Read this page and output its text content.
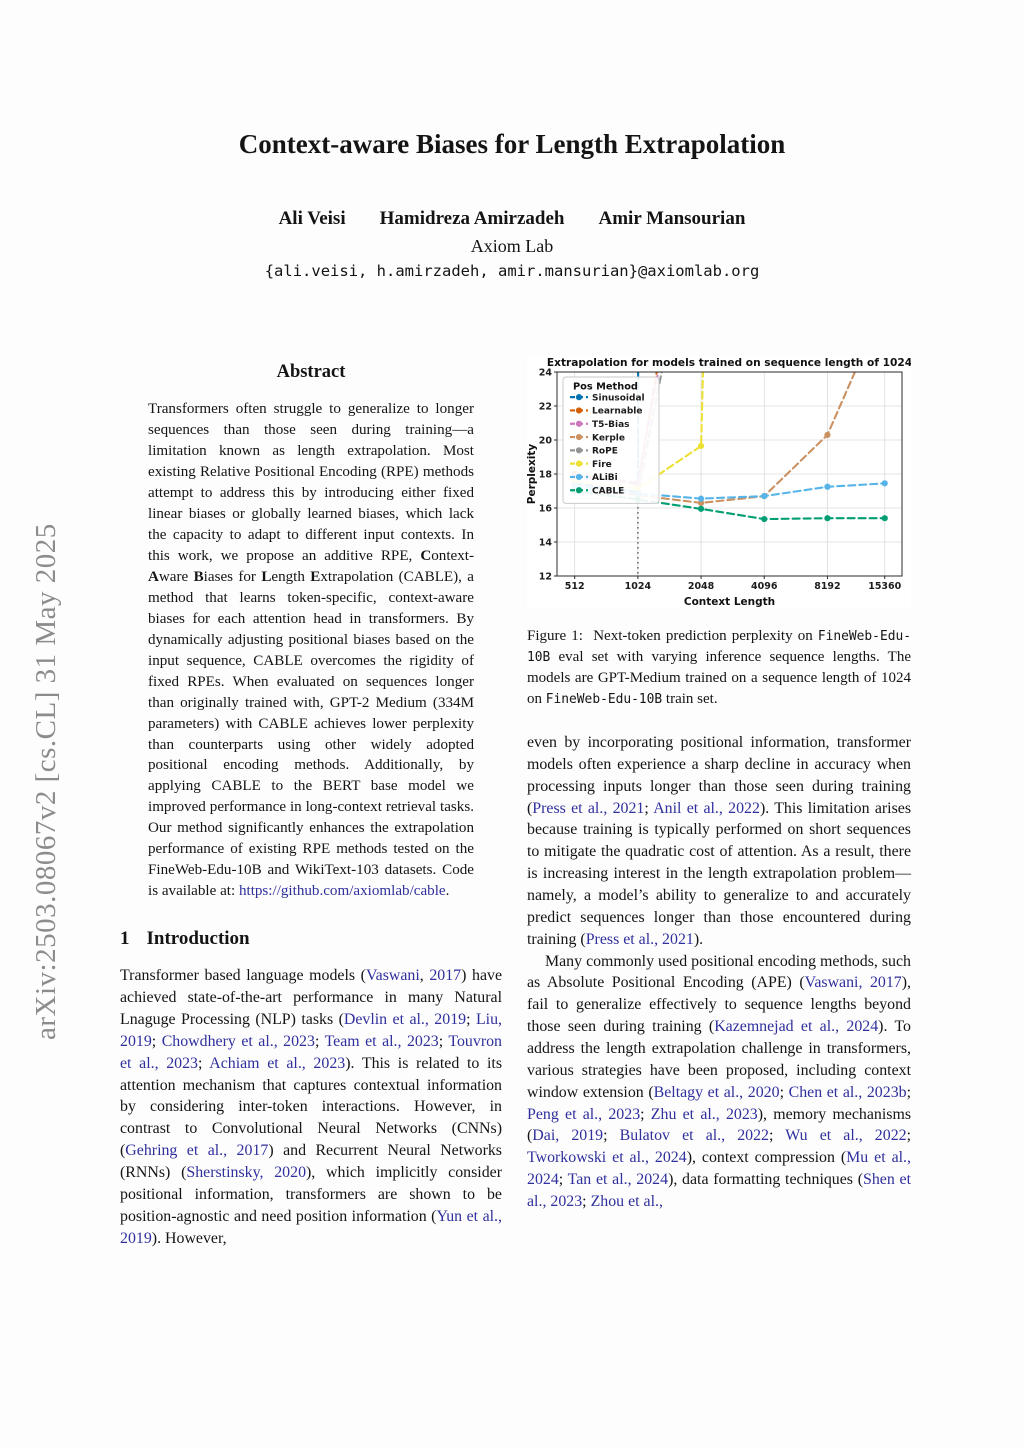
arXiv:2503.08067v2 [cs.CL] 31 May 2025
Context-aware Biases for Length Extrapolation
Ali Veisi Hamidreza Amirzadeh Amir Mansourian
Axiom Lab
{ali.veisi, h.amirzadeh, amir.mansurian}@axiomlab.org
Abstract
Transformers often struggle to generalize to longer sequences than those seen during training—a limitation known as length extrapolation. Most existing Relative Positional Encoding (RPE) methods attempt to address this by introducing either fixed linear biases or globally learned biases, which lack the capacity to adapt to different input contexts. In this work, we propose an additive RPE, Context-Aware Biases for Length Extrapolation (CABLE), a method that learns token-specific, context-aware biases for each attention head in transformers. By dynamically adjusting positional biases based on the input sequence, CABLE overcomes the rigidity of fixed RPEs. When evaluated on sequences longer than originally trained with, GPT-2 Medium (334M parameters) with CABLE achieves lower perplexity than counterparts using other widely adopted positional encoding methods. Additionally, by applying CABLE to the BERT base model we improved performance in long-context retrieval tasks. Our method significantly enhances the extrapolation performance of existing RPE methods tested on the FineWeb-Edu-10B and WikiText-103 datasets. Code is available at: https://github.com/axiomlab/cable.
1 Introduction
Transformer based language models (Vaswani, 2017) have achieved state-of-the-art performance in many Natural Lnaguge Processing (NLP) tasks (Devlin et al., 2019; Liu, 2019; Chowdhery et al., 2023; Team et al., 2023; Touvron et al., 2023; Achiam et al., 2023). This is related to its attention mechanism that captures contextual information by considering inter-token interactions. However, in contrast to Convolutional Neural Networks (CNNs) (Gehring et al., 2017) and Recurrent Neural Networks (RNNs) (Sherstinsky, 2020), which implicitly consider positional information, transformers are shown to be position-agnostic and need position information (Yun et al., 2019). However,
12
14
16
18
20
22
24
512	1024	2048	4096	8192	15360
Extrapolation for models trained on sequence length of 1024
Context Length
Perplexity
Pos Method
Sinusoidal
Learnable
T5-Bias
Kerple
RoPE
Fire
ALiBi
CABLE
Figure 1:  Next-token prediction perplexity on FineWeb-Edu-10B eval set with varying inference sequence lengths. The models are GPT-Medium trained on a sequence length of 1024 on FineWeb-Edu-10B train set.
even by incorporating positional information, transformer models often experience a sharp decline in accuracy when processing inputs longer than those seen during training (Press et al., 2021; Anil et al., 2022). This limitation arises because training is typically performed on short sequences to mitigate the quadratic cost of attention. As a result, there is increasing interest in the length extrapolation problem—namely, a model’s ability to generalize to and accurately predict sequences longer than those encountered during training (Press et al., 2021).
Many commonly used positional encoding methods, such as Absolute Positional Encoding (APE) (Vaswani, 2017), fail to generalize effectively to sequence lengths beyond those seen during training (Kazemnejad et al., 2024). To address the length extrapolation challenge in transformers, various strategies have been proposed, including context window extension (Beltagy et al., 2020; Chen et al., 2023b; Peng et al., 2023; Zhu et al., 2023), memory mechanisms (Dai, 2019; Bulatov et al., 2022; Wu et al., 2022; Tworkowski et al., 2024), context compression (Mu et al., 2024; Tan et al., 2024), data formatting techniques (Shen et al., 2023; Zhou et al.,
